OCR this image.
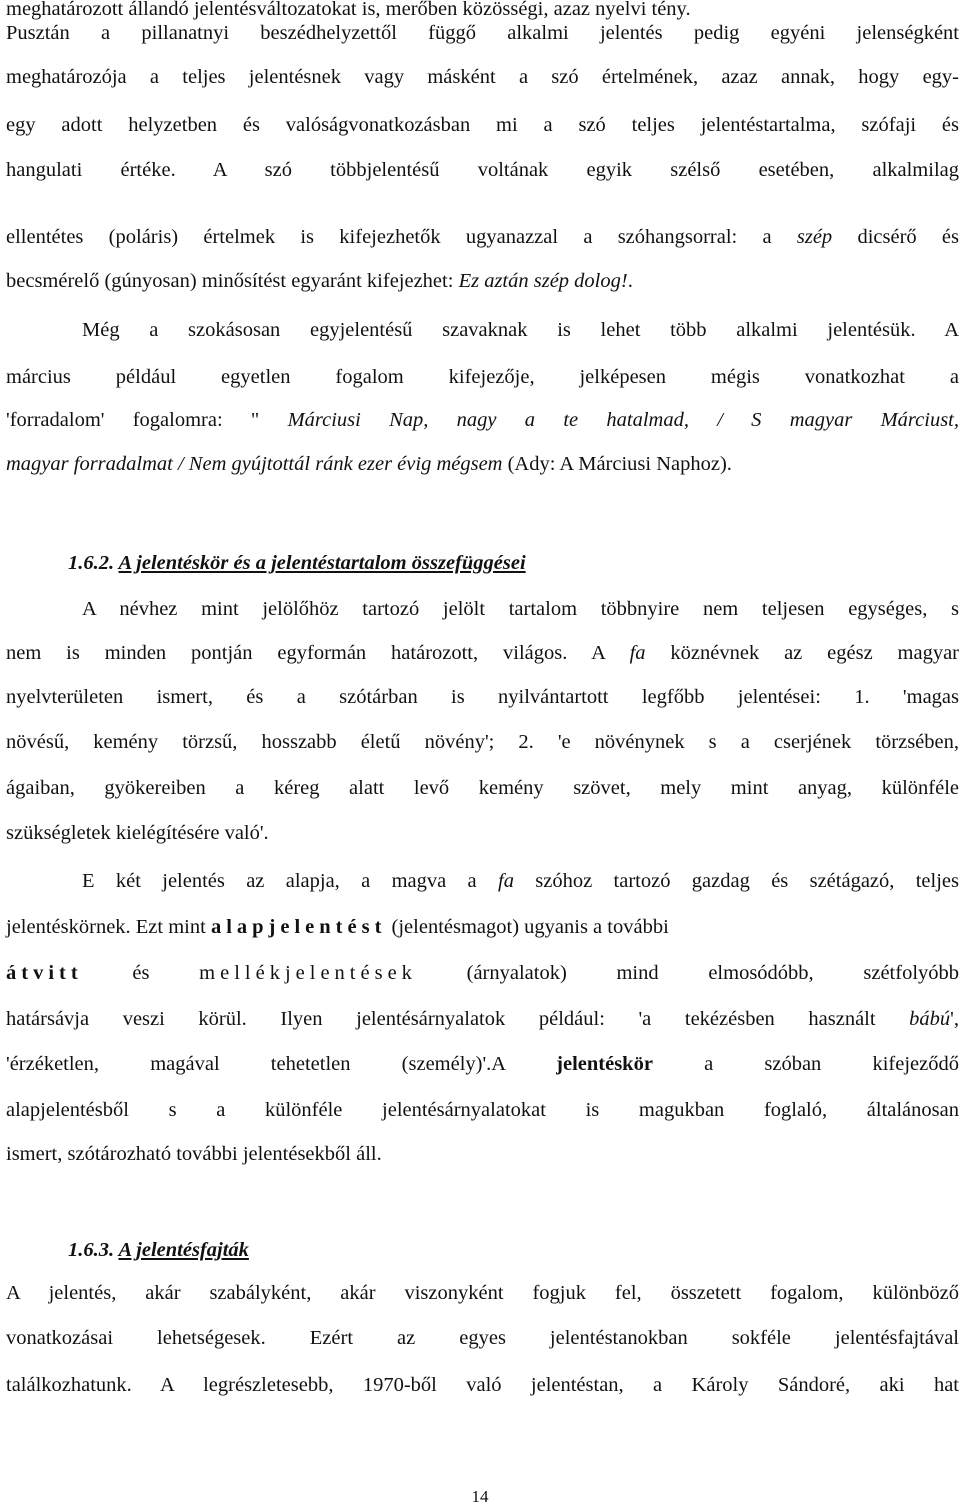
meghatározott állandó jelentésváltozatokat is, merőben közösségi, azaz nyelvi tény.
Pusztán a pillanatnyi beszédhelyzettől függő alkalmi jelentés pedig egyéni jelenségként
meghatározója a teljes jelentésnek vagy másként a szó értelmének, azaz annak, hogy egy-
egy adott helyzetben és valóságvonatkozásban mi a szó teljes jelentéstartalma, szófaji és
hangulati értéke. A szó többjelentésű voltának egyik szélső esetében, alkalmilag
ellentétes (poláris) értelmek is kifejezhetők ugyanazzal a szóhangsorral: a szép dicsérő és
becsmérelő (gúnyosan) minősítést egyaránt kifejezhet: Ez aztán szép dolog!.
Még a szokásosan egyjelentésű szavaknak is lehet több alkalmi jelentésük. A
március például egyetlen fogalom kifejezője, jelképesen mégis vonatkozhat a
'forradalom' fogalomra: " Márciusi Nap, nagy a te hatalmad, / S magyar Márciust,
magyar forradalmat / Nem gyújtottál ránk ezer évig mégsem (Ady: A Márciusi Naphoz).
1.6.2. A jelentéskör és a jelentéstartalom összefüggései
A névhez mint jelölőhöz tartozó jelölt tartalom többnyire nem teljesen egységes, s
nem is minden pontján egyformán határozott, világos. A fa köznévnek az egész magyar
nyelvterületen ismert, és a szótárban is nyilvántartott legfőbb jelentései: 1. 'magas
növésű, kemény törzsű, hosszabb életű növény'; 2. 'e növénynek s a cserjének törzsében,
ágaiban, gyökereiben a kéreg alatt levő kemény szövet, mely mint anyag, különféle
szükségletek kielégítésére való'.
E két jelentés az alapja, a magva a fa szóhoz tartozó gazdag és szétágazó, teljes
jelentéskörnek. Ezt mint alapjelentést (jelentésmagot) ugyanis a további
átvitt és mellékjelentések (árnyalatok) mind elmosódóbb, szétfolyóbb
határsávja veszi körül. Ilyen jelentésárnyalatok például: 'a tekézésben használt bábú',
'érzéketlen, magával tehetetlen (személy)'.A jelentéskör a szóban kifejeződő
alapjelentésből s a különféle jelentésárnyalatokat is magukban foglaló, általánosan
ismert, szótározható további jelentésekből áll.
1.6.3. A jelentésfajták
A jelentés, akár szabályként, akár viszonyként fogjuk fel, összetett fogalom, különböző
vonatkozásai lehetségesek. Ezért az egyes jelentéstanokban sokféle jelentésfajtával
találkozhatunk. A legrészletesebb, 1970-ből való jelentéstan, a Károly Sándoré, aki hat
14
